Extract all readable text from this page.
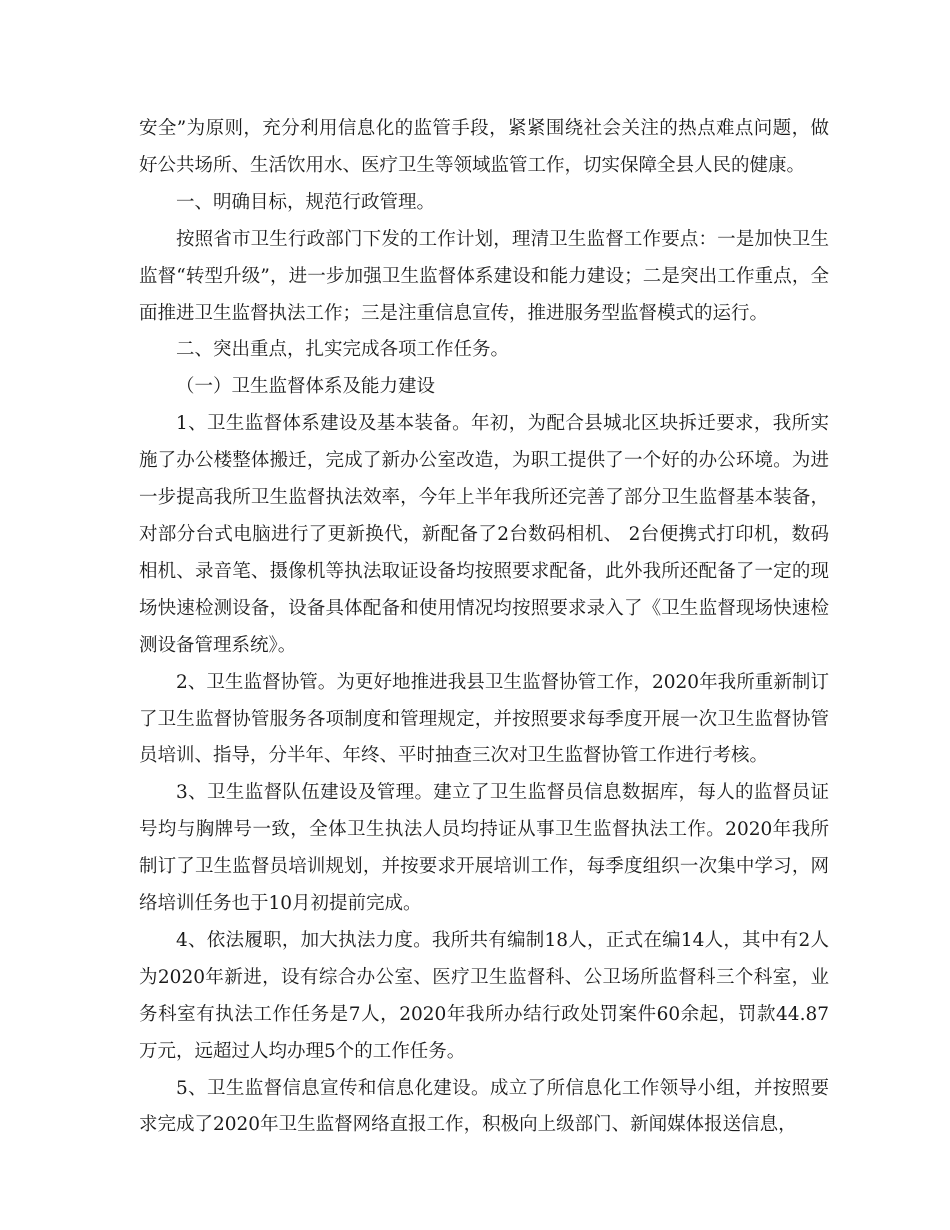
安全”为原则，充分利用信息化的监管手段，紧紧围绕社会关注的热点难点问题，做好公共场所、生活饮用水、医疗卫生等领域监管工作，切实保障全县人民的健康。

一、明确目标，规范行政管理。

按照省市卫生行政部门下发的工作计划，理清卫生监督工作要点：一是加快卫生监督“转型升级”，进一步加强卫生监督体系建设和能力建设；二是突出工作重点，全面推进卫生监督执法工作；三是注重信息宣传，推进服务型监督模式的运行。

二、突出重点，扎实完成各项工作任务。

（一）卫生监督体系及能力建设

1、卫生监督体系建设及基本装备。年初，为配合县城北区块拆迁要求，我所实施了办公楼整体搬迁，完成了新办公室改造，为职工提供了一个好的办公环境。为进一步提高我所卫生监督执法效率，今年上半年我所还完善了部分卫生监督基本装备，对部分台式电脑进行了更新换代，新配备了2台数码相机、 2台便携式打印机，数码相机、录音笔、摄像机等执法取证设备均按照要求配备，此外我所还配备了一定的现场快速检测设备，设备具体配备和使用情况均按照要求录入了《卫生监督现场快速检测设备管理系统》。

2、卫生监督协管。为更好地推进我县卫生监督协管工作，2020年我所重新制订了卫生监督协管服务各项制度和管理规定，并按照要求每季度开展一次卫生监督协管员培训、指导，分半年、年终、平时抽查三次对卫生监督协管工作进行考核。

3、卫生监督队伍建设及管理。建立了卫生监督员信息数据库，每人的监督员证号均与胸牌号一致，全体卫生执法人员均持证从事卫生监督执法工作。2020年我所制订了卫生监督员培训规划，并按要求开展培训工作，每季度组织一次集中学习，网络培训任务也于10月初提前完成。

4、依法履职，加大执法力度。我所共有编制18人，正式在编14人，其中有2人为2020年新进，设有综合办公室、医疗卫生监督科、公卫场所监督科三个科室，业务科室有执法工作任务是7人，2020年我所办结行政处罚案件60余起，罚款44.87万元，远超过人均办理5个的工作任务。

5、卫生监督信息宣传和信息化建设。成立了所信息化工作领导小组，并按照要求完成了2020年卫生监督网络直报工作，积极向上级部门、新闻媒体报送信息，
